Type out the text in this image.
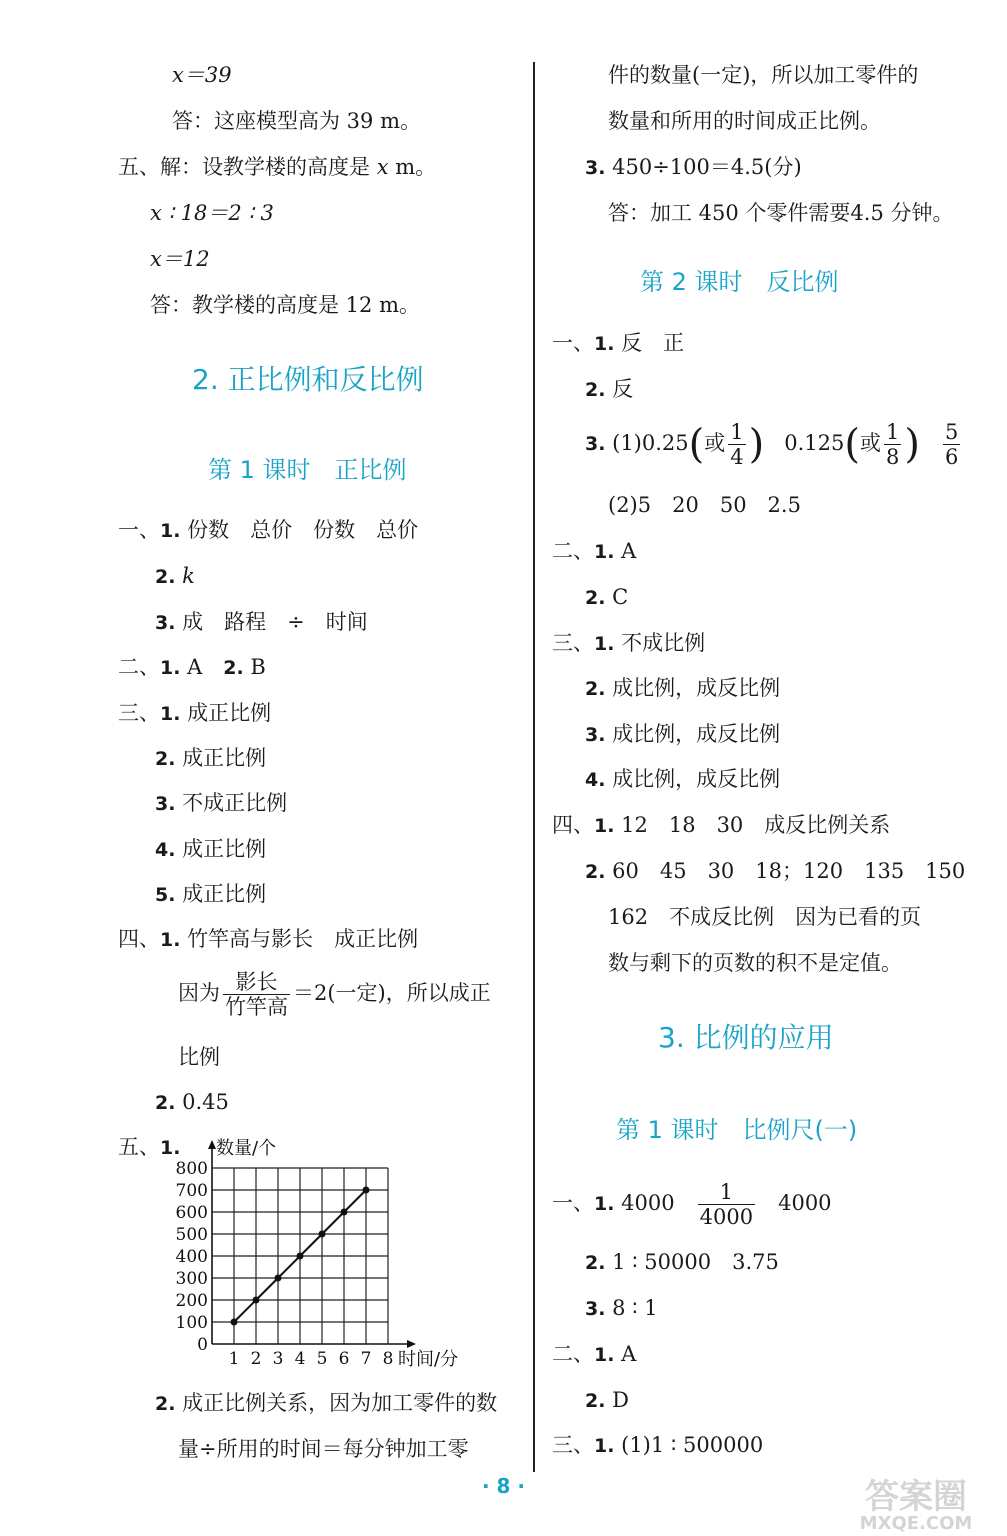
x＝39
答：这座模型高为 39 m。
五、解：设教学楼的高度是 x m。
x ∶ 18＝2 ∶ 3
x＝12
答：教学楼的高度是 12 m。
2. 正比例和反比例
第 1 课时　正比例
一、1. 份数　总价　份数　总价
2. k
3. 成　路程　÷　时间
二、1. A　2. B
三、1. 成正比例
2. 成正比例
3. 不成正比例
4. 成正比例
5. 成正比例
四、1. 竹竿高与影长　成正比例
因为 $\frac{\text{影长}}{\text{竹竿高}} =2$(一定)，所以成正
比例
2. 0.45
五、1.
0
100
200
300
400
500
600
700
800
1 2 3 4 5 6 7 8
数量/个
时间/分
2. 成正比例关系，因为加工零件的数
量÷所用的时间＝每分钟加工零
件的数量(一定)，所以加工零件的
数量和所用的时间成正比例。
3. 450÷100＝4.5(分)
答：加工 450 个零件需要4.5 分钟。
第 2 课时　反比例
一、1. 反　正
2. 反
3. (1)0.25(或 $\frac{1}{4}$ ) 0.125(或 $\frac{1}{8}$ ) $\frac{5}{6}$
(2)5　20　50　2.5
二、1. A
2. C
三、1. 不成比例
2. 成比例，成反比例
3. 成比例，成反比例
4. 成比例，成反比例
四、1. 12　18　30　成反比例关系
2. 60　45　30　18；120　135　150
162　不成反比例　因为已看的页
数与剩下的页数的积不是定值。
3. 比例的应用
第 1 课时　比例尺(一)
一、1. $4000 \frac{1}{4000} 4000$
2. 1 ∶ 50000　3.75
3. 8 ∶ 1
二、1. A
2. D
三、1. (1)1 ∶ 500000
· 8 ·	答案圈
MXQE.COM
